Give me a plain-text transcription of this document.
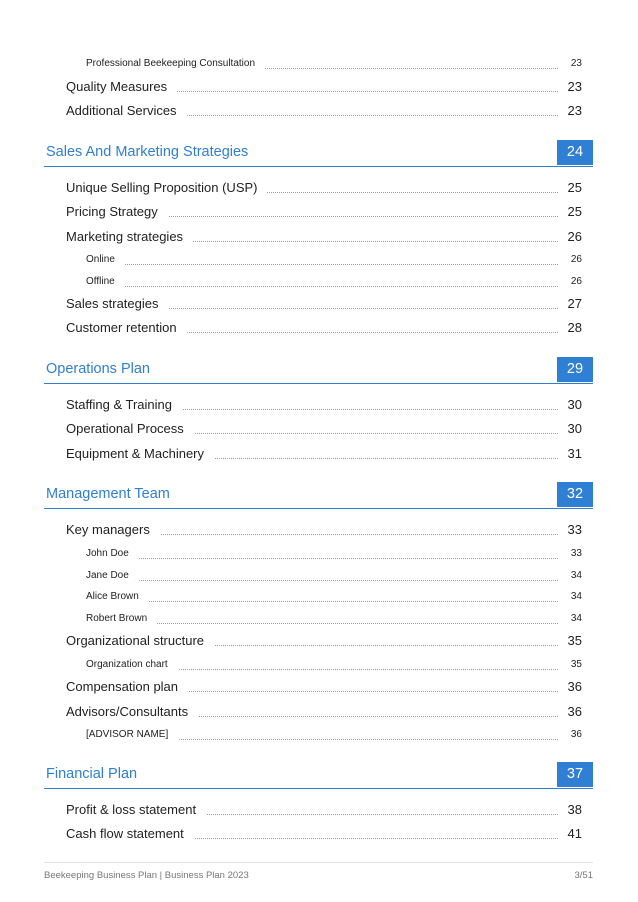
Professional Beekeeping Consultation	23
Quality Measures	23
Additional Services	23
Sales And Marketing Strategies	24
Unique Selling Proposition (USP)	25
Pricing Strategy	25
Marketing strategies	26
Online	26
Offline	26
Sales strategies	27
Customer retention	28
Operations Plan	29
Staffing & Training	30
Operational Process	30
Equipment & Machinery	31
Management Team	32
Key managers	33
John Doe	33
Jane Doe	34
Alice Brown	34
Robert Brown	34
Organizational structure	35
Organization chart	35
Compensation plan	36
Advisors/Consultants	36
[ADVISOR NAME]	36
Financial Plan	37
Profit & loss statement	38
Cash flow statement	41
Beekeeping Business Plan | Business Plan 2023	3/51
